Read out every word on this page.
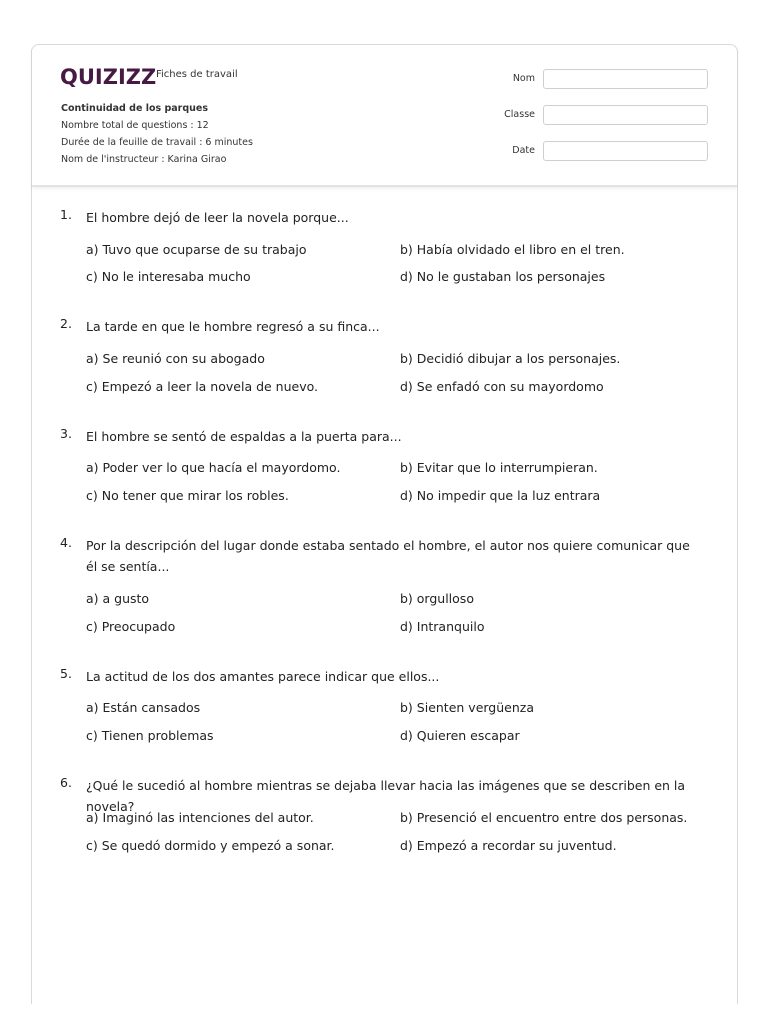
QUIZIZZ Fiches de travail
Continuidad de los parques
Nombre total de questions : 12
Durée de la feuille de travail : 6 minutes
Nom de l'instructeur : Karina Girao
Nom
Classe
Date
1. El hombre dejó de leer la novela porque...
a) Tuvo que ocuparse de su trabajo	b) Había olvidado el libro en el tren.
c) No le interesaba mucho	d) No le gustaban los personajes
2. La tarde en que le hombre regresó a su finca...
a) Se reunió con su abogado	b) Decidió dibujar a los personajes.
c) Empezó a leer la novela de nuevo.	d) Se enfadó con su mayordomo
3. El hombre se sentó de espaldas a la puerta para...
a) Poder ver lo que hacía el mayordomo.	b) Evitar que lo interrumpieran.
c) No tener que mirar los robles.	d) No impedir que la luz entrara
4. Por la descripción del lugar donde estaba sentado el hombre, el autor nos quiere comunicar que él se sentía...
a) a gusto	b) orgulloso
c) Preocupado	d) Intranquilo
5. La actitud de los dos amantes parece indicar que ellos...
a) Están cansados	b) Sienten vergüenza
c) Tienen problemas	d) Quieren escapar
6. ¿Qué le sucedió al hombre mientras se dejaba llevar hacia las imágenes que se describen en la novela?
a) Imaginó las intenciones del autor.	b) Presenció el encuentro entre dos personas.
c) Se quedó dormido y empezó a sonar.	d) Empezó a recordar su juventud.
